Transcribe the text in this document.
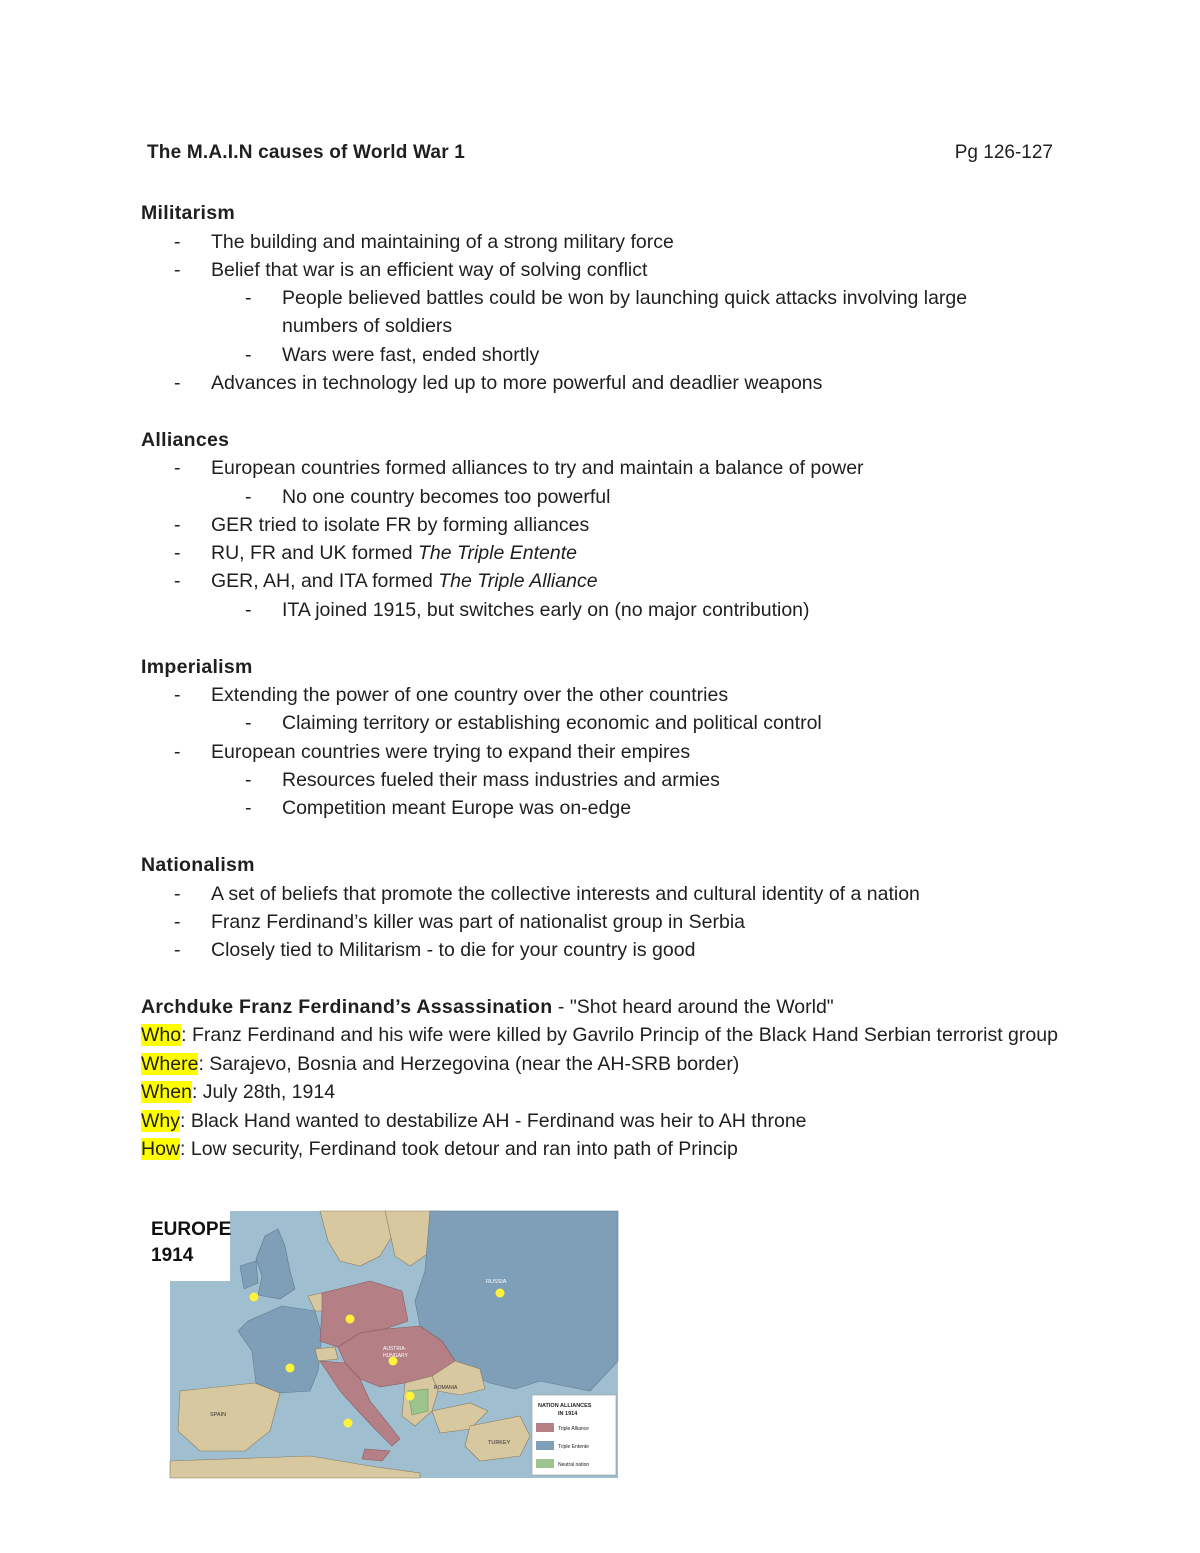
The M.A.I.N causes of World War 1	Pg 126-127
Militarism
- The building and maintaining of a strong military force
- Belief that war is an efficient way of solving conflict
- People believed battles could be won by launching quick attacks involving large
numbers of soldiers
- Wars were fast, ended shortly
- Advances in technology led up to more powerful and deadlier weapons
Alliances
- European countries formed alliances to try and maintain a balance of power
- No one country becomes too powerful
- GER tried to isolate FR by forming alliances
- RU, FR and UK formed The Triple Entente
- GER, AH, and ITA formed The Triple Alliance
- ITA joined 1915, but switches early on (no major contribution)
Imperialism
- Extending the power of one country over the other countries
- Claiming territory or establishing economic and political control
- European countries were trying to expand their empires
- Resources fueled their mass industries and armies
- Competition meant Europe was on-edge
Nationalism
- A set of beliefs that promote the collective interests and cultural identity of a nation
- Franz Ferdinand’s killer was part of nationalist group in Serbia
- Closely tied to Militarism - to die for your country is good
Archduke Franz Ferdinand’s Assassination - "Shot heard around the World"
Who: Franz Ferdinand and his wife were killed by Gavrilo Princip of the Black Hand Serbian terrorist group
Where: Sarajevo, Bosnia and Herzegovina (near the AH-SRB border)
When: July 28th, 1914
Why: Black Hand wanted to destabilize AH - Ferdinand was heir to AH throne
How: Low security, Ferdinand took detour and ran into path of Princip
RUSSIA
SPAIN
TURKEY
ROMANIA
AUSTRIA-
HUNGARY
EUROPE
1914
NATION ALLIANCES
IN 1914
Triple Alliance
Triple Entente
Neutral nation
